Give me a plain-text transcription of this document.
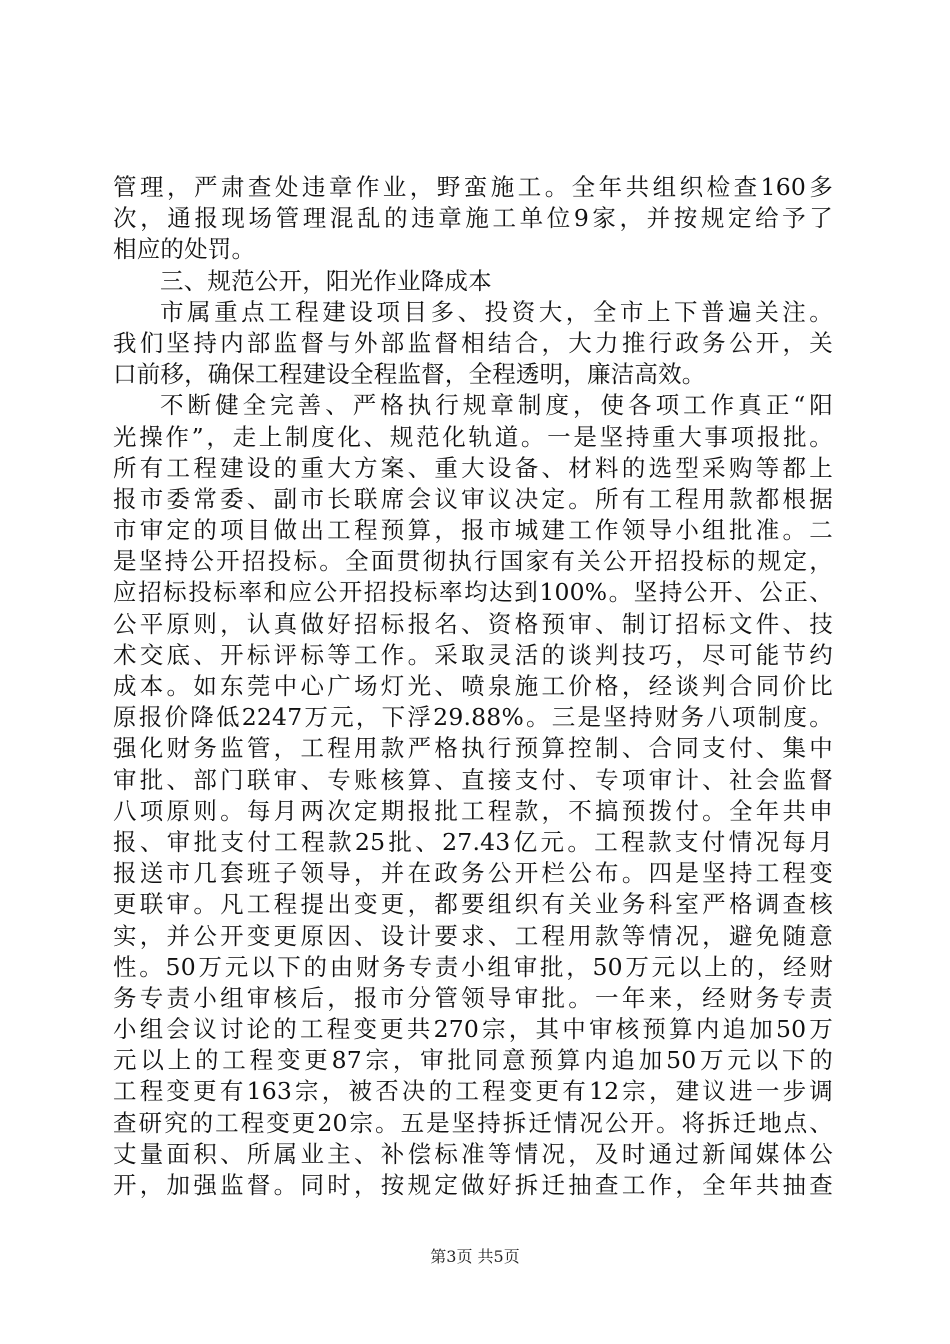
管理，严肃查处违章作业，野蛮施工。全年共组织检查160多
次，通报现场管理混乱的违章施工单位9家，并按规定给予了
相应的处罚。
三、规范公开，阳光作业降成本
市属重点工程建设项目多、投资大，全市上下普遍关注。
我们坚持内部监督与外部监督相结合，大力推行政务公开，关
口前移，确保工程建设全程监督，全程透明，廉洁高效。
不断健全完善、严格执行规章制度，使各项工作真正“阳
光操作”，走上制度化、规范化轨道。一是坚持重大事项报批。
所有工程建设的重大方案、重大设备、材料的选型采购等都上
报市委常委、副市长联席会议审议决定。所有工程用款都根据
市审定的项目做出工程预算，报市城建工作领导小组批准。二
是坚持公开招投标。全面贯彻执行国家有关公开招投标的规定，
应招标投标率和应公开招投标率均达到100%。坚持公开、公正、
公平原则，认真做好招标报名、资格预审、制订招标文件、技
术交底、开标评标等工作。采取灵活的谈判技巧，尽可能节约
成本。如东莞中心广场灯光、喷泉施工价格，经谈判合同价比
原报价降低2247万元，下浮29.88%。三是坚持财务八项制度。
强化财务监管，工程用款严格执行预算控制、合同支付、集中
审批、部门联审、专账核算、直接支付、专项审计、社会监督
八项原则。每月两次定期报批工程款，不搞预拨付。全年共申
报、审批支付工程款25批、27.43亿元。工程款支付情况每月
报送市几套班子领导，并在政务公开栏公布。四是坚持工程变
更联审。凡工程提出变更，都要组织有关业务科室严格调查核
实，并公开变更原因、设计要求、工程用款等情况，避免随意
性。50万元以下的由财务专责小组审批，50万元以上的，经财
务专责小组审核后，报市分管领导审批。一年来，经财务专责
小组会议讨论的工程变更共270宗，其中审核预算内追加50万
元以上的工程变更87宗，审批同意预算内追加50万元以下的
工程变更有163宗，被否决的工程变更有12宗，建议进一步调
查研究的工程变更20宗。五是坚持拆迁情况公开。将拆迁地点、
丈量面积、所属业主、补偿标准等情况，及时通过新闻媒体公
开，加强监督。同时，按规定做好拆迁抽查工作，全年共抽查
第3页 共5页
